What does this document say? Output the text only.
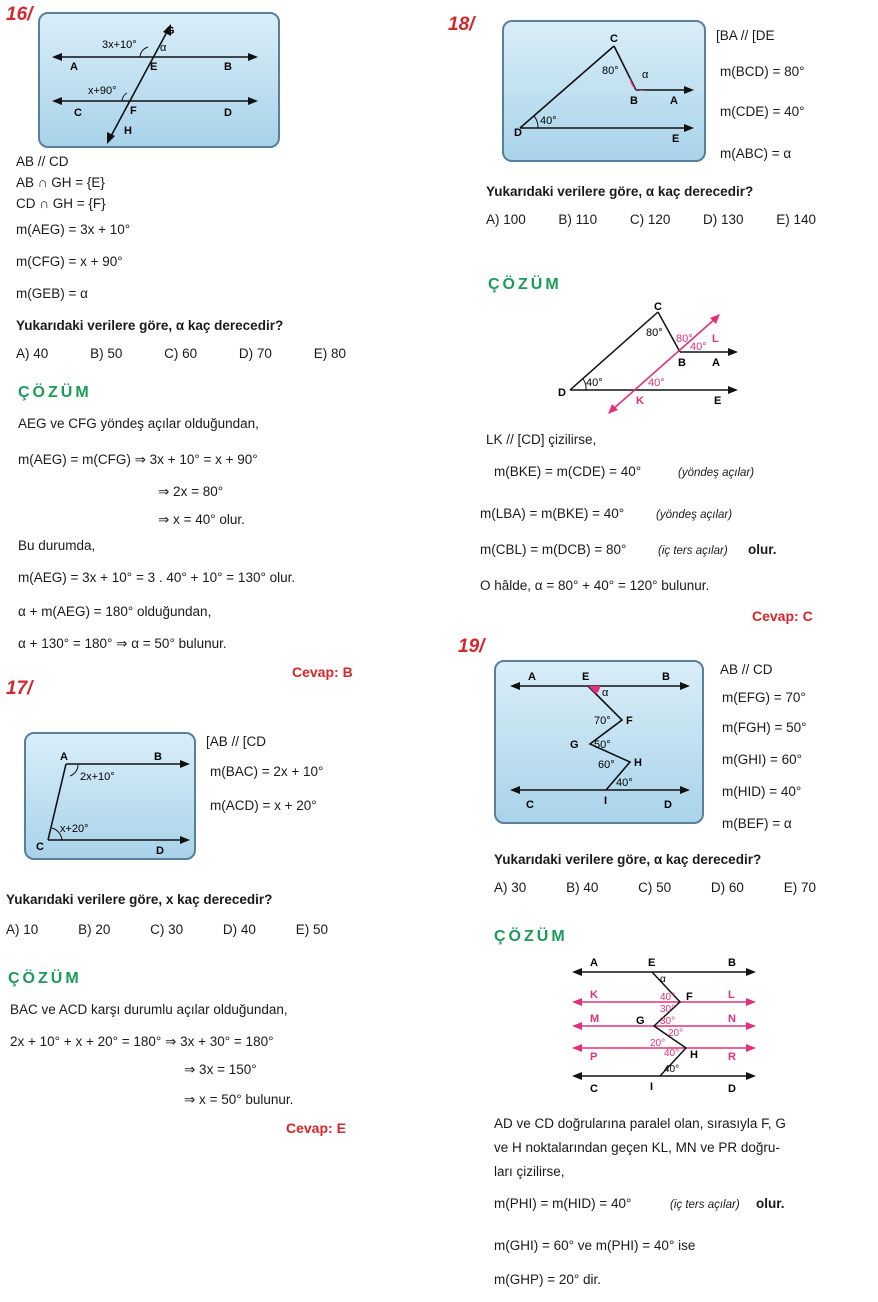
16/
3x+10°
G
α
A	E	B
x+90°
C	F	D
H
AB // CD
AB ∩ GH = {E}
CD ∩ GH = {F}
m(AEG) = 3x + 10°
m(CFG) = x + 90°
m(GEB) = α
Yukarıdaki verilere göre, α kaç derecedir?
A) 40	B) 50	C) 60	D) 70	E) 80
ÇÖZÜM
AEG ve CFG yöndeş açılar olduğundan,
m(AEG) = m(CFG) ⇒ 3x + 10° = x + 90°
⇒ 2x = 80°
⇒ x = 40° olur.
Bu durumda,
m(AEG) = 3x + 10° = 3 . 40° + 10° = 130° olur.
α + m(AEG) = 180° olduğundan,
α + 130° = 180° ⇒ α = 50° bulunur.
Cevap: B
17/
A	B
2x+10°
x+20°
C	D
[AB // [CD
m(BAC) = 2x + 10°
m(ACD) = x + 20°
Yukarıdaki verilere göre, x kaç derecedir?
A) 10	B) 20	C) 30	D) 40	E) 50
ÇÖZÜM
BAC ve ACD karşı durumlu açılar olduğundan,
2x + 10° + x + 20° = 180° ⇒ 3x + 30° = 180°
⇒ 3x = 150°
⇒ x = 50° bulunur.
Cevap: E
18/
C
80° α
B	A
D
40°
E
[BA // [DE
m(BCD) = 80°
m(CDE) = 40°
m(ABC) = α
Yukarıdaki verilere göre, α kaç derecedir?
A) 100 B) 110 C) 120 D) 130 E) 140
ÇÖZÜM
C
80° 80° L
40°
B A
D
40°	40°
K	E
LK // [CD] çizilirse,
m(BKE) = m(CDE) = 40°	(yöndeş açılar)
m(LBA) = m(BKE) = 40°	(yöndeş açılar)
m(CBL) = m(DCB) = 80°	(iç ters açılar) olur.
O hâlde, α = 80° + 40° = 120° bulunur.
Cevap: C
19/
A	E
α
B
70° F
G 50°
H
60°
40°
C	I	D
AB // CD
m(EFG) = 70°
m(FGH) = 50°
m(GHI) = 60°
m(HID) = 40°
m(BEF) = α
Yukarıdaki verilere göre, α kaç derecedir?
A) 30	B) 40	C) 50	D) 60	E) 70
ÇÖZÜM
A	E
α
B
K	40° F	L
30°
M	G 30°
20°
N
20°
P	40° H	R
40°
C	I	D
AD ve CD doğrularına paralel olan, sırasıyla F, G
ve H noktalarından geçen KL, MN ve PR doğru-
ları çizilirse,
m(PHI) = m(HID) = 40°	(iç ters açılar) olur.
m(GHI) = 60° ve m(PHI) = 40° ise
m(GHP) = 20° dir.
